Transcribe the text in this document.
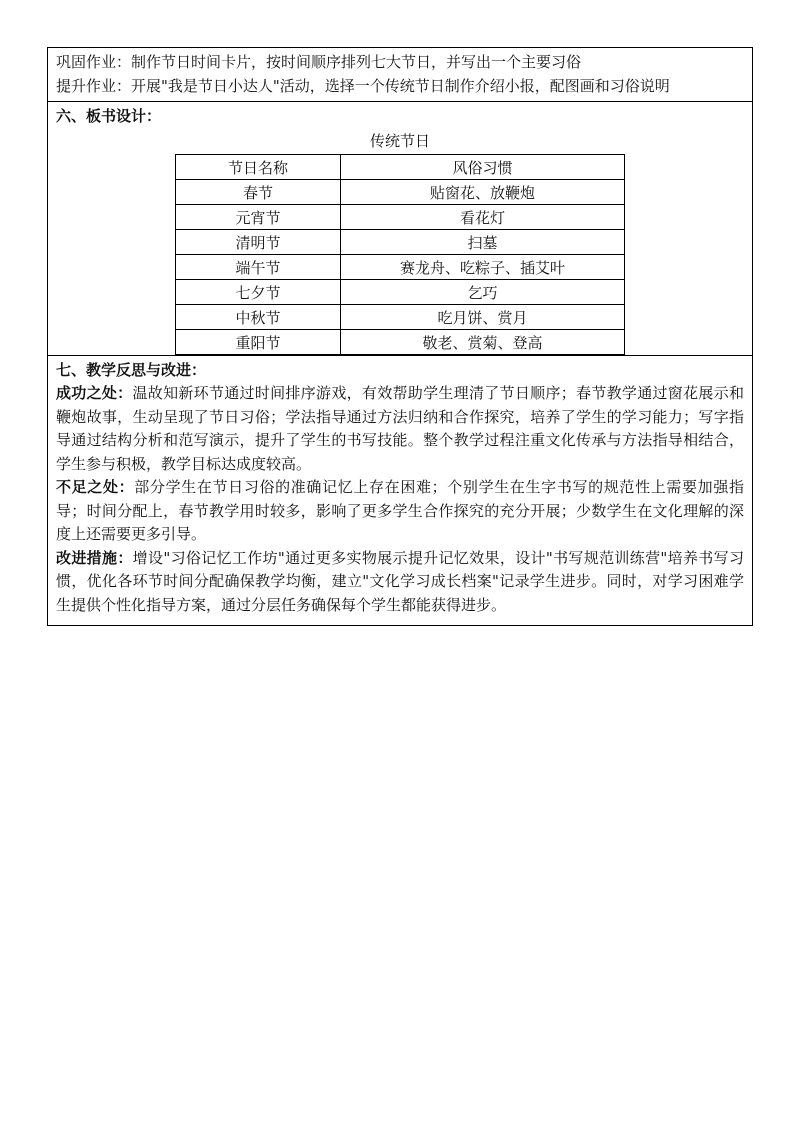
巩固作业：制作节日时间卡片，按时间顺序排列七大节日，并写出一个主要习俗
提升作业：开展"我是节日小达人"活动，选择一个传统节日制作介绍小报，配图画和习俗说明
六、板书设计：
传统节日
节日名称	风俗习惯
春节	贴窗花、放鞭炮
元宵节	看花灯
清明节	扫墓
端午节	赛龙舟、吃粽子、插艾叶
七夕节	乞巧
中秋节	吃月饼、赏月
重阳节	敬老、赏菊、登高
七、教学反思与改进：
成功之处：温故知新环节通过时间排序游戏，有效帮助学生理清了节日顺序；春节教学通过窗花展示和鞭炮故事，生动呈现了节日习俗；学法指导通过方法归纳和合作探究，培养了学生的学习能力；写字指导通过结构分析和范写演示，提升了学生的书写技能。整个教学过程注重文化传承与方法指导相结合，学生参与积极，教学目标达成度较高。
不足之处：部分学生在节日习俗的准确记忆上存在困难；个别学生在生字书写的规范性上需要加强指导；时间分配上，春节教学用时较多，影响了更多学生合作探究的充分开展；少数学生在文化理解的深度上还需要更多引导。
改进措施：增设"习俗记忆工作坊"通过更多实物展示提升记忆效果，设计"书写规范训练营"培养书写习惯，优化各环节时间分配确保教学均衡，建立"文化学习成长档案"记录学生进步。同时，对学习困难学生提供个性化指导方案，通过分层任务确保每个学生都能获得进步。
